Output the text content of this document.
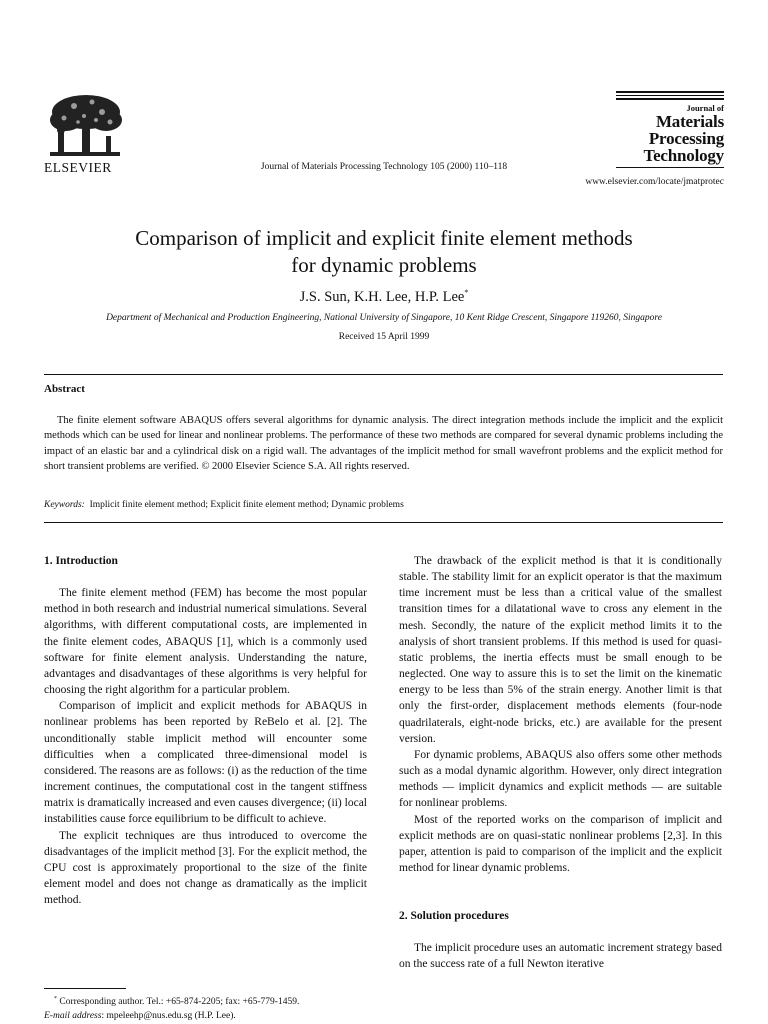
ELSEVIER	Journal of Materials Processing Technology 105 (2000) 110–118
Journal of
Materials
Processing
Technology
www.elsevier.com/locate/jmatprotec
Comparison of implicit and explicit finite element methods
for dynamic problems
J.S. Sun, K.H. Lee, H.P. Lee*
Department of Mechanical and Production Engineering, National University of Singapore, 10 Kent Ridge Crescent, Singapore 119260, Singapore
Received 15 April 1999
Abstract
The finite element software ABAQUS offers several algorithms for dynamic analysis. The direct integration methods include the implicit and the explicit methods which can be used for linear and nonlinear problems. The performance of these two methods are compared for several dynamic problems including the impact of an elastic bar and a cylindrical disk on a rigid wall. The advantages of the implicit method for small wavefront problems and the explicit method for short transient problems are verified. © 2000 Elsevier Science S.A. All rights reserved.
Keywords: Implicit finite element method; Explicit finite element method; Dynamic problems

1. Introduction

The finite element method (FEM) has become the most popular method in both research and industrial numerical simulations. Several algorithms, with different computational costs, are implemented in the finite element codes, ABAQUS [1], which is a commonly used software for finite element analysis. Understanding the nature, advantages and disadvantages of these algorithms is very helpful for choosing the right algorithm for a particular problem.

Comparison of implicit and explicit methods for ABAQUS in nonlinear problems has been reported by ReBelo et al. [2]. The unconditionally stable implicit method will encounter some difficulties when a complicated three-dimensional model is considered. The reasons are as follows: (i) as the reduction of the time increment continues, the computational cost in the tangent stiffness matrix is dramatically increased and even causes divergence; (ii) local instabilities cause force equilibrium to be difficult to achieve.

The explicit techniques are thus introduced to overcome the disadvantages of the implicit method [3]. For the explicit method, the CPU cost is approximately proportional to the size of the finite element model and does not change as dramatically as the implicit method.

The drawback of the explicit method is that it is conditionally stable. The stability limit for an explicit operator is that the maximum time increment must be less than a critical value of the smallest transition times for a dilatational wave to cross any element in the mesh. Secondly, the nature of the explicit method limits it to the analysis of short transient problems. If this method is used for quasi-static problems, the inertia effects must be small enough to be neglected. One way to assure this is to set the limit on the kinematic energy to be less than 5% of the strain energy. Another limit is that only the first-order, displacement methods elements (four-node quadrilaterals, eight-node bricks, etc.) are available for the present version.

For dynamic problems, ABAQUS also offers some other methods such as a modal dynamic algorithm. However, only direct integration methods — implicit dynamics and explicit methods — are suitable for nonlinear problems.

Most of the reported works on the comparison of implicit and explicit methods are on quasi-static nonlinear problems [2,3]. In this paper, attention is paid to comparison of the implicit and the explicit method for linear dynamic problems.

2. Solution procedures

The implicit procedure uses an automatic increment strategy based on the success rate of a full Newton iterative

* Corresponding author. Tel.: +65-874-2205; fax: +65-779-1459.
E-mail address: mpeleehp@nus.edu.sg (H.P. Lee).
